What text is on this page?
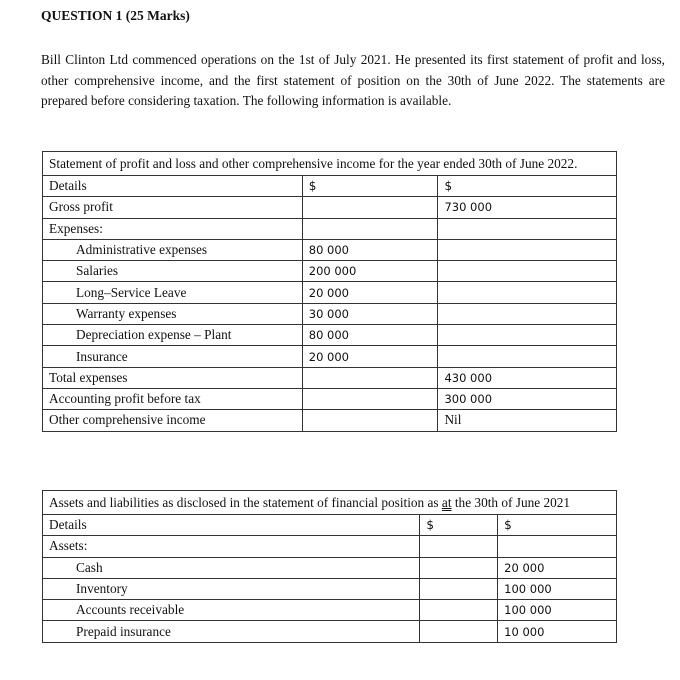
QUESTION 1 (25 Marks)

Bill Clinton Ltd commenced operations on the 1st of July 2021. He presented its first statement of profit and loss, other comprehensive income, and the first statement of position on the 30th of June 2022. The statements are prepared before considering taxation. The following information is available.

Statement of profit and loss and other comprehensive income for the year ended 30th of June 2022.		
Details	$	$
Gross profit		730 000
Expenses:		
Administrative expenses	80 000	
Salaries	200 000	
Long–Service Leave	20 000	
Warranty expenses	30 000	
Depreciation expense – Plant	80 000	
Insurance	20 000	
Total expenses		430 000
Accounting profit before tax		300 000
Other comprehensive income		Nil
Assets and liabilities as disclosed in the statement of financial position as at the 30th of June 2021		
Details	$	$
Assets:		
Cash		20 000
Inventory		100 000
Accounts receivable		100 000
Prepaid insurance		10 000
